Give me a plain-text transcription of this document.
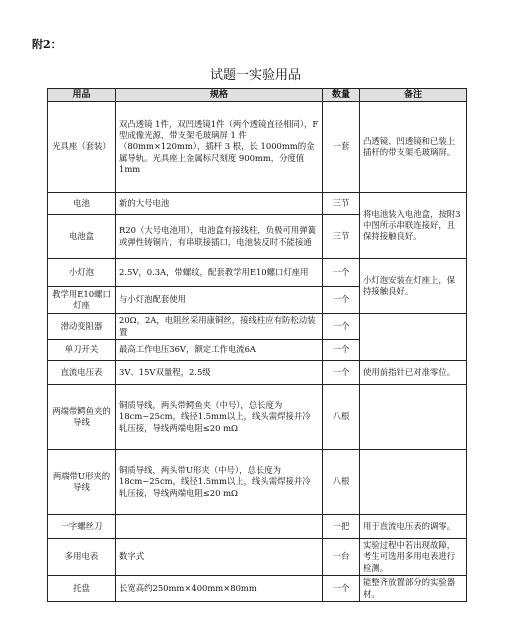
附2：
试题一实验用品
用品	规格	数量	备注
光具座（套装）	双凸透镜 1件，双凹透镜1件（两个透镜直径相同），F型成像光源，带支架毛玻璃屏 1 件（80mm×120mm），插杆 3 根，长 1000mm的金属导轨。光具座上金属标尺刻度 900mm，分度值1mm	一套	凸透镜、凹透镜和已装上插杆的带支架毛玻璃屏。
电池	新的大号电池	三节	将电池装入电池盒，按附3中图所示串联连接好，且保持接触良好。
电池盒	R20（大号电池用），电池盒有接线柱，负极可用弹簧或弹性铸铜片，有串联接插口，电池装反时不能接通	三节	
小灯泡	2.5V，0.3A，带螺纹，配套教学用E10螺口灯座用	一个	小灯泡安装在灯座上，保持接触良好。
教学用E10螺口灯座	与小灯泡配套使用	一个	
滑动变阻器	20Ω，2A，电阻丝采用康铜丝，接线柱应有防松动装置	一个	
单刀开关	最高工作电压36V，额定工作电流6A	一个	
直流电压表	3V、15V双量程，2.5级	一个	使用前指针已对准零位。
两端带鳄鱼夹的导线	铜质导线，两头带鳄鱼夹（中号），总长度为18cm~25cm，线径1.5mm以上，线头需焊接并冷轧压接，导线两端电阻≤20 mΩ	八根	
两端带U形夹的导线	铜质导线，两头带U形夹（中号），总长度为18cm~25cm，线径1.5mm以上，线头需焊接并冷轧压接，导线两端电阻≤20 mΩ	八根	
一字螺丝刀		一把	用于直流电压表的调零。
多用电表	数字式	一台	实验过程中若出现故障，考生可选用多用电表进行检测。
托盘	长宽高约250mm×400mm×80mm	一个	能整齐放置部分的实验器材。
